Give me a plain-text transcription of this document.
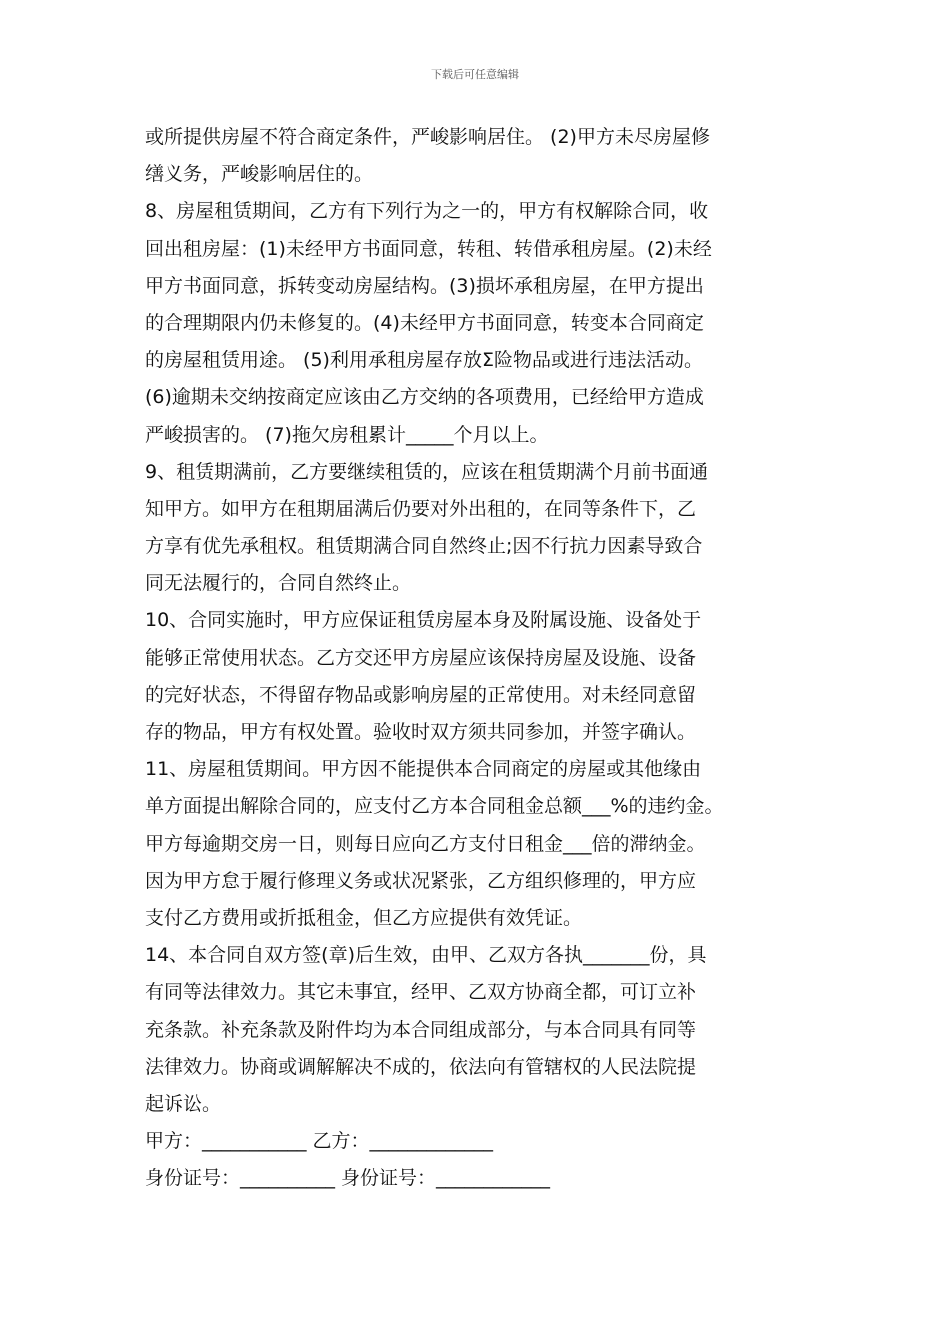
下载后可任意编辑
或所提供房屋不符合商定条件，严峻影响居住。 (2)甲方未尽房屋修
缮义务，严峻影响居住的。
8、房屋租赁期间，乙方有下列行为之一的，甲方有权解除合同，收
回出租房屋：(1)未经甲方书面同意，转租、转借承租房屋。(2)未经
甲方书面同意，拆转变动房屋结构。(3)损坏承租房屋，在甲方提出
的合理期限内仍未修复的。(4)未经甲方书面同意，转变本合同商定
的房屋租赁用途。 (5)利用承租房屋存放Σ险物品或进行违法活动。
(6)逾期未交纳按商定应该由乙方交纳的各项费用，已经给甲方造成
严峻损害的。 (7)拖欠房租累计_____个月以上。
9、租赁期满前，乙方要继续租赁的，应该在租赁期满个月前书面通
知甲方。如甲方在租期届满后仍要对外出租的，在同等条件下，乙
方享有优先承租权。租赁期满合同自然终止;因不行抗力因素导致合
同无法履行的，合同自然终止。
10、合同实施时，甲方应保证租赁房屋本身及附属设施、设备处于
能够正常使用状态。乙方交还甲方房屋应该保持房屋及设施、设备
的完好状态，不得留存物品或影响房屋的正常使用。对未经同意留
存的物品，甲方有权处置。验收时双方须共同参加，并签字确认。
11、房屋租赁期间。甲方因不能提供本合同商定的房屋或其他缘由
单方面提出解除合同的，应支付乙方本合同租金总额___%的违约金。
甲方每逾期交房一日，则每日应向乙方支付日租金___倍的滞纳金。
因为甲方怠于履行修理义务或状况紧张，乙方组织修理的，甲方应
支付乙方费用或折抵租金，但乙方应提供有效凭证。
14、本合同自双方签(章)后生效，由甲、乙双方各执_______份，具
有同等法律效力。其它未事宜，经甲、乙双方协商全都，可订立补
充条款。补充条款及附件均为本合同组成部分，与本合同具有同等
法律效力。协商或调解解决不成的，依法向有管辖权的人民法院提
起诉讼。
甲方：___________ 乙方：_____________
身份证号：__________ 身份证号：____________
